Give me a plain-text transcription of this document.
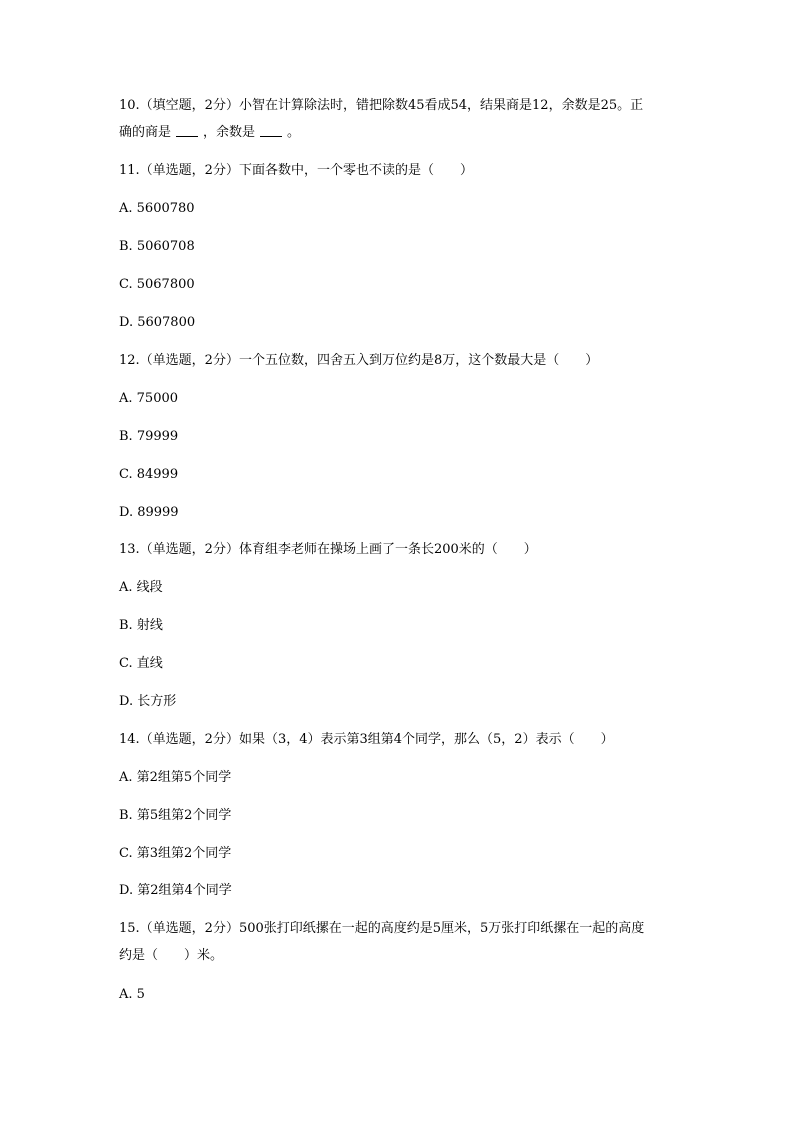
10.（填空题，2分）小智在计算除法时，错把除数45看成54，结果商是12，余数是25。正
确的商是 ，余数是 。
11.（单选题，2分）下面各数中，一个零也不读的是（　　）
A. 5600780
B. 5060708
C. 5067800
D. 5607800
12.（单选题，2分）一个五位数，四舍五入到万位约是8万，这个数最大是（　　）
A. 75000
B. 79999
C. 84999
D. 89999
13.（单选题，2分）体育组李老师在操场上画了一条长200米的（　　）
A. 线段
B. 射线
C. 直线
D. 长方形
14.（单选题，2分）如果（3，4）表示第3组第4个同学，那么（5，2）表示（　　）
A. 第2组第5个同学
B. 第5组第2个同学
C. 第3组第2个同学
D. 第2组第4个同学
15.（单选题，2分）500张打印纸摞在一起的高度约是5厘米，5万张打印纸摞在一起的高度
约是（　　）米。
A. 5
